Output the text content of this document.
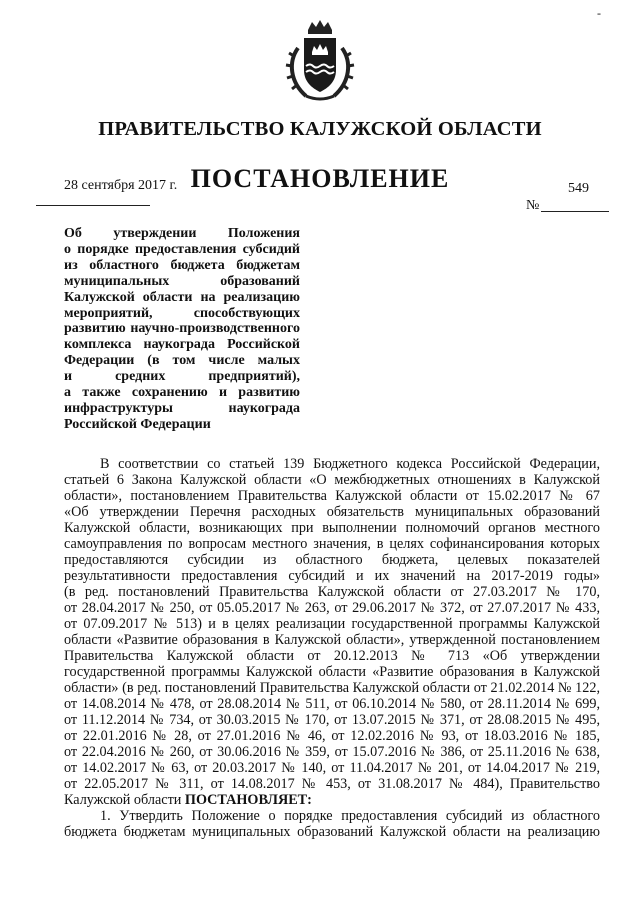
-
ПРАВИТЕЛЬСТВО КАЛУЖСКОЙ ОБЛАСТИ
ПОСТАНОВЛЕНИЕ
28 сентября 2017 г.	549
№
Об утверждении Положения
о порядке предоставления субсидий
из областного бюджета бюджетам
муниципальных образований
Калужской области на реализацию
мероприятий, способствующих
развитию научно-производственного
комплекса наукограда Российской
Федерации (в том числе малых
и средних предприятий),
а также сохранению и развитию
инфраструктуры наукограда
Российской Федерации
В соответствии со статьей 139 Бюджетного кодекса Российской Федерации,
статьей 6 Закона Калужской области «О межбюджетных отношениях в Калужской
области», постановлением Правительства Калужской области от 15.02.2017 № 67
«Об утверждении Перечня расходных обязательств муниципальных образований
Калужской области, возникающих при выполнении полномочий органов местного
самоуправления по вопросам местного значения, в целях софинансирования которых
предоставляются субсидии из областного бюджета, целевых показателей
результативности предоставления субсидий и их значений на 2017-2019 годы»
(в ред. постановлений Правительства Калужской области от 27.03.2017 № 170,
от 28.04.2017 № 250, от 05.05.2017 № 263, от 29.06.2017 № 372, от 27.07.2017 № 433,
от 07.09.2017 № 513) и в целях реализации государственной программы Калужской
области «Развитие образования в Калужской области», утвержденной постановлением
Правительства Калужской области от 20.12.2013 № 713 «Об утверждении
государственной программы Калужской области «Развитие образования в Калужской
области» (в ред. постановлений Правительства Калужской области от 21.02.2014 № 122,
от 14.08.2014 № 478, от 28.08.2014 № 511, от 06.10.2014 № 580, от 28.11.2014 № 699,
от 11.12.2014 № 734, от 30.03.2015 № 170, от 13.07.2015 № 371, от 28.08.2015 № 495,
от 22.01.2016 № 28, от 27.01.2016 № 46, от 12.02.2016 № 93, от 18.03.2016 № 185,
от 22.04.2016 № 260, от 30.06.2016 № 359, от 15.07.2016 № 386, от 25.11.2016 № 638,
от 14.02.2017 № 63, от 20.03.2017 № 140, от 11.04.2017 № 201, от 14.04.2017 № 219,
от 22.05.2017 № 311, от 14.08.2017 № 453, от 31.08.2017 № 484), Правительство
Калужской области ПОСТАНОВЛЯЕТ:
1. Утвердить Положение о порядке предоставления субсидий из областного
бюджета бюджетам муниципальных образований Калужской области на реализацию
